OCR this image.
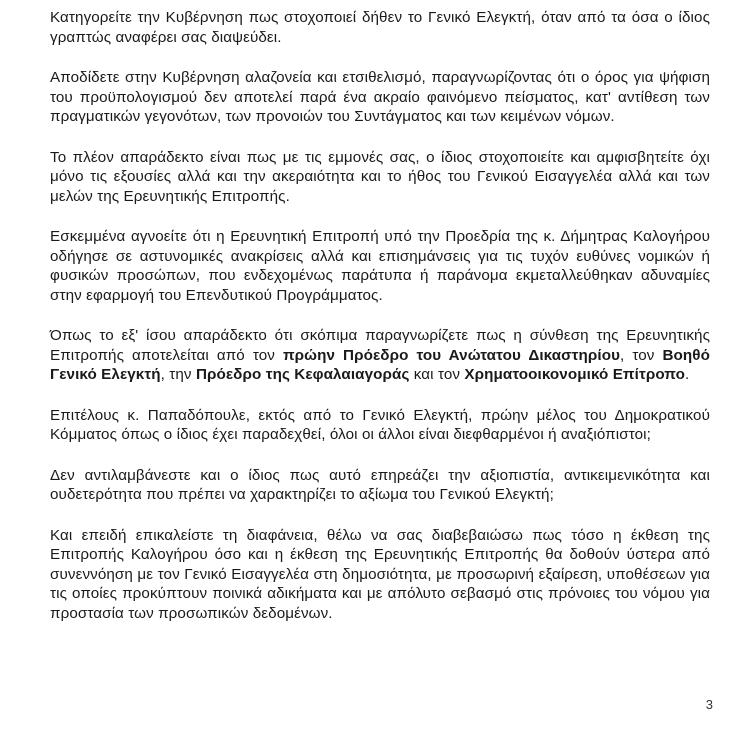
Κατηγορείτε την Κυβέρνηση πως στοχοποιεί δήθεν το Γενικό Ελεγκτή, όταν από τα όσα ο ίδιος γραπτώς αναφέρει σας διαψεύδει.

Αποδίδετε στην Κυβέρνηση αλαζονεία και ετσιθελισμό, παραγνωρίζοντας ότι ο όρος για ψήφιση του προϋπολογισμού δεν αποτελεί παρά ένα ακραίο φαινόμενο πείσματος, κατ' αντίθεση των πραγματικών γεγονότων, των προνοιών του Συντάγματος και των κειμένων νόμων.

Το πλέον απαράδεκτο είναι πως με τις εμμονές σας, ο ίδιος στοχοποιείτε και αμφισβητείτε όχι μόνο τις εξουσίες αλλά και την ακεραιότητα και το ήθος του Γενικού Εισαγγελέα αλλά και των μελών της Ερευνητικής Επιτροπής.

Εσκεμμένα αγνοείτε ότι η Ερευνητική Επιτροπή υπό την Προεδρία της κ. Δήμητρας Καλογήρου οδήγησε σε αστυνομικές ανακρίσεις αλλά και επισημάνσεις για τις τυχόν ευθύνες νομικών ή φυσικών προσώπων, που ενδεχομένως παράτυπα ή παράνομα εκμεταλλεύθηκαν αδυναμίες στην εφαρμογή του Επενδυτικού Προγράμματος.

Όπως το εξ' ίσου απαράδεκτο ότι σκόπιμα παραγνωρίζετε πως η σύνθεση της Ερευνητικής Επιτροπής αποτελείται από τον πρώην Πρόεδρο του Ανώτατου Δικαστηρίου, τον Βοηθό Γενικό Ελεγκτή, την Πρόεδρο της Κεφαλαιαγοράς και τον Χρηματοοικονομικό Επίτροπο.

Επιτέλους κ. Παπαδόπουλε, εκτός από το Γενικό Ελεγκτή, πρώην μέλος του Δημοκρατικού Κόμματος όπως ο ίδιος έχει παραδεχθεί, όλοι οι άλλοι είναι διεφθαρμένοι ή αναξιόπιστοι;

Δεν αντιλαμβάνεστε και ο ίδιος πως αυτό επηρεάζει την αξιοπιστία, αντικειμενικότητα και ουδετερότητα που πρέπει να χαρακτηρίζει το αξίωμα του Γενικού Ελεγκτή;

Και επειδή επικαλείστε τη διαφάνεια, θέλω να σας διαβεβαιώσω πως τόσο η έκθεση της Επιτροπής Καλογήρου όσο και η έκθεση της Ερευνητικής Επιτροπής θα δοθούν ύστερα από συνεννόηση με τον Γενικό Εισαγγελέα στη δημοσιότητα, με προσωρινή εξαίρεση, υποθέσεων για τις οποίες προκύπτουν ποινικά αδικήματα και με απόλυτο σεβασμό στις πρόνοιες του νόμου για προστασία των προσωπικών δεδομένων.

3
